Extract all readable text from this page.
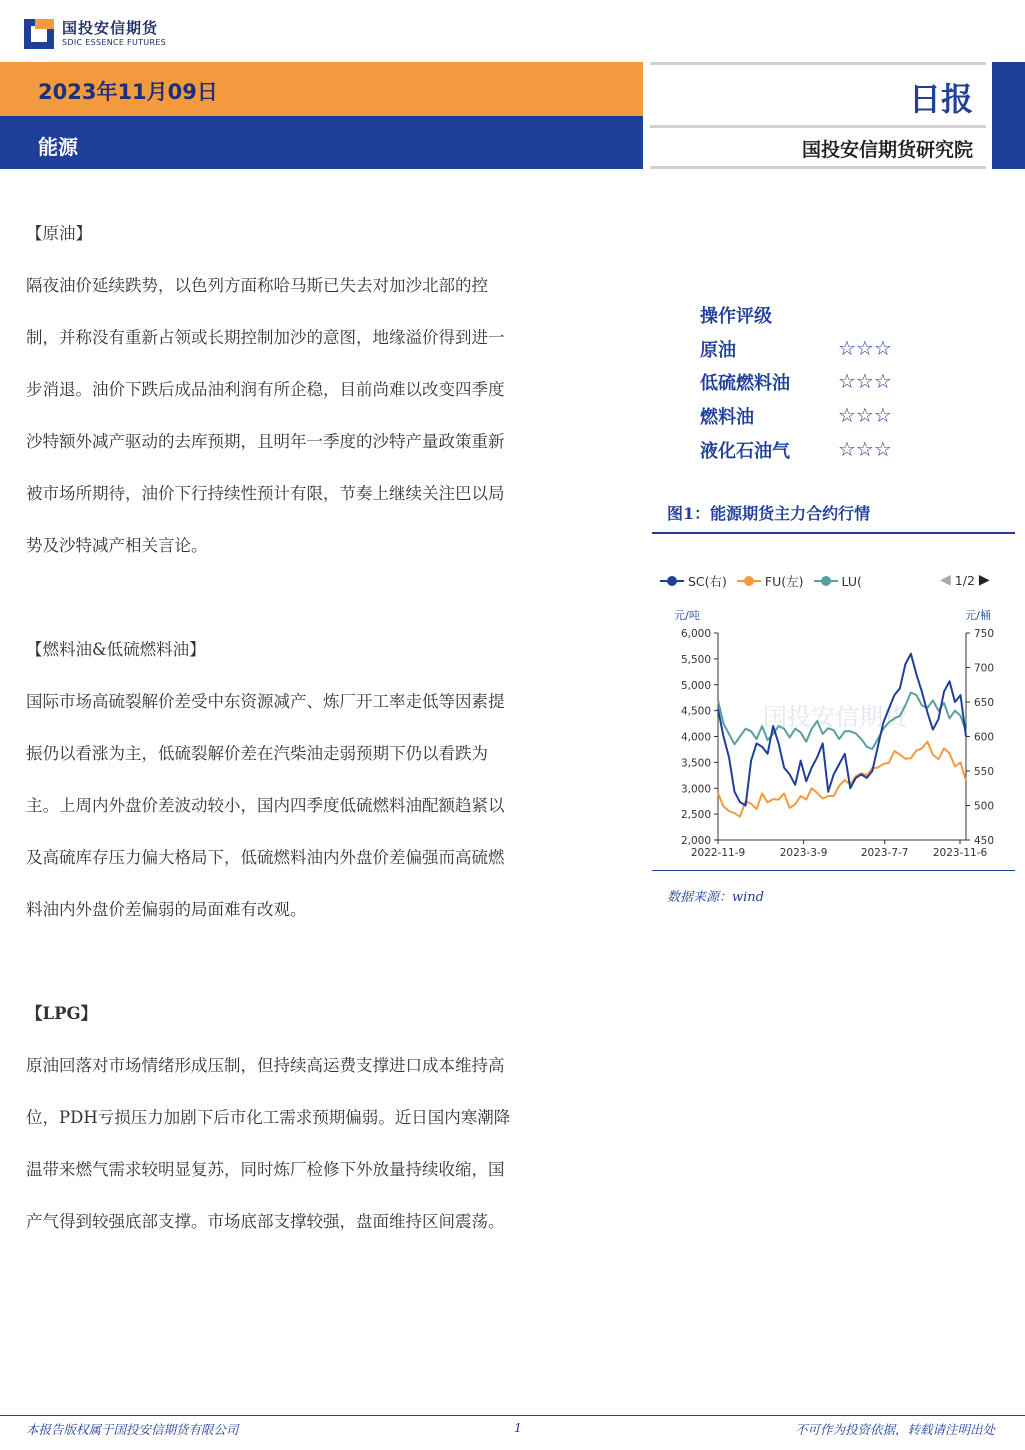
国投安信期货
SDIC ESSENCE FUTURES
2023年11月09日
能源
日报
国投安信期货研究院
【原油】
隔夜油价延续跌势，以色列方面称哈马斯已失去对加沙北部的控
制，并称没有重新占领或长期控制加沙的意图，地缘溢价得到进一
步消退。油价下跌后成品油利润有所企稳，目前尚难以改变四季度
沙特额外减产驱动的去库预期，且明年一季度的沙特产量政策重新
被市场所期待，油价下行持续性预计有限，节奏上继续关注巴以局
势及沙特减产相关言论。
【燃料油&低硫燃料油】
国际市场高硫裂解价差受中东资源减产、炼厂开工率走低等因素提
振仍以看涨为主，低硫裂解价差在汽柴油走弱预期下仍以看跌为
主。上周内外盘价差波动较小，国内四季度低硫燃料油配额趋紧以
及高硫库存压力偏大格局下，低硫燃料油内外盘价差偏强而高硫燃
料油内外盘价差偏弱的局面难有改观。
【LPG】
原油回落对市场情绪形成压制，但持续高运费支撑进口成本维持高
位，PDH亏损压力加剧下后市化工需求预期偏弱。近日国内寒潮降
温带来燃气需求较明显复苏，同时炼厂检修下外放量持续收缩，国
产气得到较强底部支撑。市场底部支撑较强，盘面维持区间震荡。
操作评级
原油	☆☆☆
低硫燃料油 ☆☆☆
燃料油	☆☆☆
液化石油气 ☆☆☆
图1：能源期货主力合约行情
SC(右)	FU(左)	LU(	◀ 1/2 ▶
元/吨	元/桶
国投安信期货
6,000
5,500
5,000
4,500
4,000
3,500
3,000
2,500
2,000
750
700
650
600
550
500
450
2022-11-9	2023-3-9	2023-7-7 2023-11-6
数据来源：wind
本报告版权属于国投安信期货有限公司	1	不可作为投资依据，转载请注明出处
